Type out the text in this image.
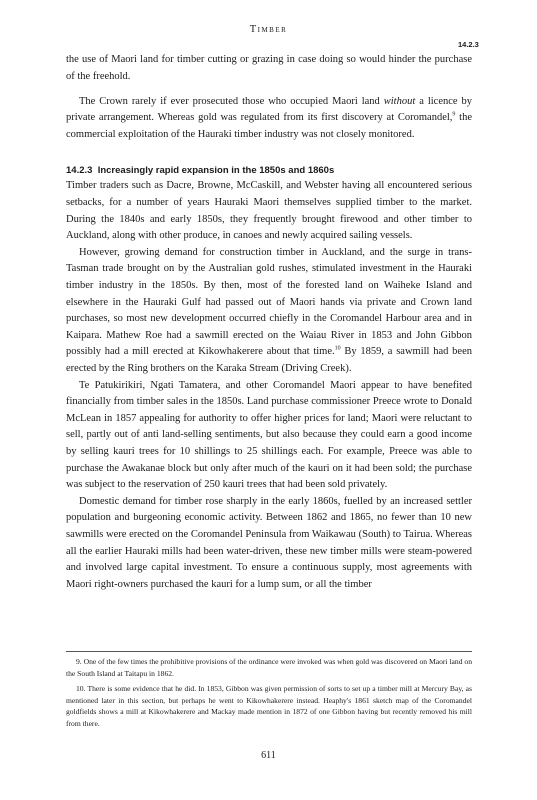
Timber
14.2.3

the use of Maori land for timber cutting or grazing in case doing so would hinder the purchase of the freehold.

The Crown rarely if ever prosecuted those who occupied Maori land without a licence by private arrangement. Whereas gold was regulated from its first discovery at Coromandel,$^9$ the commercial exploitation of the Hauraki timber industry was not closely monitored.

14.2.3 Increasingly rapid expansion in the 1850s and 1860s

Timber traders such as Dacre, Browne, McCaskill, and Webster having all encountered serious setbacks, for a number of years Hauraki Maori themselves supplied timber to the market. During the 1840s and early 1850s, they frequently brought firewood and other timber to Auckland, along with other produce, in canoes and newly acquired sailing vessels.

However, growing demand for construction timber in Auckland, and the surge in trans-Tasman trade brought on by the Australian gold rushes, stimulated investment in the Hauraki timber industry in the 1850s. By then, most of the forested land on Waiheke Island and elsewhere in the Hauraki Gulf had passed out of Maori hands via private and Crown land purchases, so most new development occurred chiefly in the Coromandel Harbour area and in Kaipara. Mathew Roe had a sawmill erected on the Waiau River in 1853 and John Gibbon possibly had a mill erected at Kikowhakerere about that time.$^{10}$ By 1859, a sawmill had been erected by the Ring brothers on the Karaka Stream (Driving Creek).

Te Patukirikiri, Ngati Tamatera, and other Coromandel Maori appear to have benefited financially from timber sales in the 1850s. Land purchase commissioner Preece wrote to Donald McLean in 1857 appealing for authority to offer higher prices for land; Maori were reluctant to sell, partly out of anti land-selling sentiments, but also because they could earn a good income by selling kauri trees for 10 shillings to 25 shillings each. For example, Preece was able to purchase the Awakanae block but only after much of the kauri on it had been sold; the purchase was subject to the reservation of 250 kauri trees that had been sold privately.

Domestic demand for timber rose sharply in the early 1860s, fuelled by an increased settler population and burgeoning economic activity. Between 1862 and 1865, no fewer than 10 new sawmills were erected on the Coromandel Peninsula from Waikawau (South) to Tairua. Whereas all the earlier Hauraki mills had been water-driven, these new timber mills were steam-powered and involved large capital investment. To ensure a continuous supply, most agreements with Maori right-owners purchased the kauri for a lump sum, or all the timber

9. One of the few times the prohibitive provisions of the ordinance were invoked was when gold was discovered on Maori land on the South Island at Taitapu in 1862.

10. There is some evidence that he did. In 1853, Gibbon was given permission of sorts to set up a timber mill at Mercury Bay, as mentioned later in this section, but perhaps he went to Kikowhakerere instead. Heaphy's 1861 sketch map of the Coromandel goldfields shows a mill at Kikowhakerere and Mackay made mention in 1872 of one Gibbon having but recently removed his mill from there.

611
